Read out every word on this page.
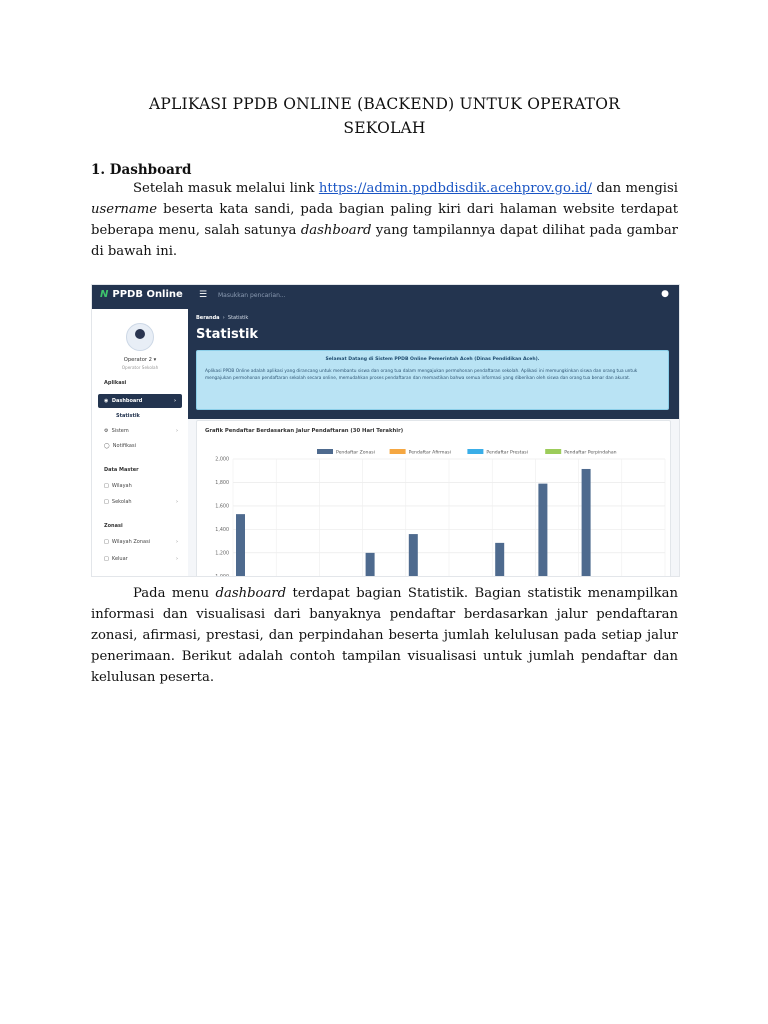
APLIKASI PPDB ONLINE (BACKEND) UNTUK OPERATOR SEKOLAH
1. Dashboard

Setelah masuk melalui link https://admin.ppdbdisdik.acehprov.go.id/ dan mengisi username beserta kata sandi, pada bagian paling kiri dari halaman website terdapat beberapa menu, salah satunya dashboard yang tampilannya dapat dilihat pada gambar di bawah ini.

N PPDB Online ☰ Masukkan pencarian...	●
Operator 2 ▾
Operator Sekolah
Aplikasi
◉ Dashboard	›
Statistik
⚙ Sistem	›
◯ Notifikasi
Data Master
□ Wilayah
□ Sekolah	›
Zonasi
□ Wilayah Zonasi	›
□ Keluar	›
Beranda  ›  Statistik
Statistik
Selamat Datang di Sistem PPDB Online Pemerintah Aceh (Dinas Pendidikan Aceh).
Aplikasi PPDB Online adalah aplikasi yang dirancang untuk membantu siswa dan orang tua dalam mengajukan permohonan pendaftaran sekolah. Aplikasi ini memungkinkan siswa dan orang tua untuk mengajukan permohonan pendaftaran sekolah secara online, memudahkan proses pendaftaran dan memastikan bahwa semua informasi yang diberikan oleh siswa dan orang tua benar dan akurat.
Grafik Pendaftar Berdasarkan Jalur Pendaftaran (30 Hari Terakhir)
Pendaftar Zonasi	Pendaftar Afirmasi	Pendaftar Prestasi	Pendaftar Perpindahan
2,000
1,800
1,600
1,400
1,200
1,000

Pada menu dashboard terdapat bagian Statistik. Bagian statistik menampilkan informasi dan visualisasi dari banyaknya pendaftar berdasarkan jalur pendaftaran zonasi, afirmasi, prestasi, dan perpindahan beserta jumlah kelulusan pada setiap jalur penerimaan. Berikut adalah contoh tampilan visualisasi untuk jumlah pendaftar dan kelulusan peserta.
